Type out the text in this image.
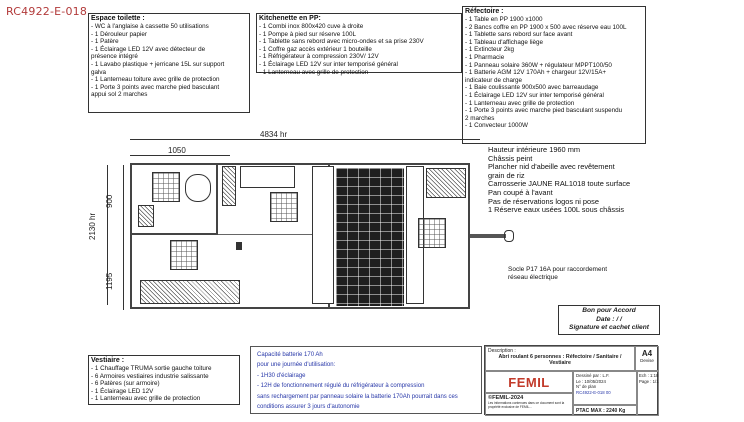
RC4922-E-018
Espace toilette :
- WC à l'anglaise à cassette 50 utilisations
- 1 Dérouleur papier
- 1 Patère
- 1 Éclairage LED 12V avec détecteur de
présence intégré
- 1 Lavabo plastique + jerricane 15L sur support
galva
- 1 Lanterneau toiture avec grille de protection
- 1 Porte 3 points avec marche pied basculant
appui sol 2 marches
Kitchenette en PP:
- 1 Combi inox 800x420 cuve à droite
- 1 Pompe à pied sur réserve 100L
- 1 Tablette sans rebord avec micro-ondes et sa prise 230V
- 1 Coffre gaz accès extérieur 1 bouteille
- 1 Réfrigérateur à compression 230V/ 12V
- 1 Éclairage LED 12V sur inter temporisé général
- 1 Lanterneau avec grille de protection
Réfectoire :
- 1 Table en PP 1900 x1000
- 2 Bancs coffre en PP 1900 x 500 avec réserve eau 100L
- 1 Tablette sans rebord sur face avant
- 1 Tableau d'affichage liège
- 1 Extincteur 2kg
- 1 Pharmacie
- 1 Panneau solaire 360W + régulateur MPPT100/50
- 1 Batterie AGM 12V 170Ah + chargeur 12V/15A+
indicateur de charge
- 1 Baie coulissante 900x500 avec barreaudage
- 1 Éclairage LED 12V sur inter temporisé général
- 1 Lanterneau avec grille de protection
- 1 Porte 3 points avec marche pied basculant suspendu
2 marches
- 1 Convecteur 1000W
4834 hr
1050
2130 hr
900
1195
Hauteur intérieure 1960 mm
Châssis peint
Plancher nid d'abeille avec revêtement
grain de riz
Carrosserie JAUNE RAL1018 toute surface
Pan coupé à l'avant
Pas de réservations logos ni pose
1 Réserve eaux usées 100L sous châssis
Socle P17 16A pour raccordement
réseau électrique
Bon pour Accord
Date : / /
Signature et cachet client
Vestiaire :
- 1 Chauffage TRUMA sortie gauche toiture
- 6 Armoires vestiaires industrie salissante
- 6 Patères (sur armoire)
- 1 Éclairage LED 12V
- 1 Lanterneau avec grille de protection
Capacité batterie 170 Ah
pour une journée d'utilisation:
- 1H30 d'éclairage
- 12H de fonctionnement régulé du réfrigérateur à compression
sans rechargement par panneau solaire la batterie 170Ah pourrait dans ces
conditions assurer 3 jours d'autonomie
Description :
Abri roulant 6 personnes : Réfectoire / Sanitaire / Vestiaire
A4
Devise
FEMIL	Dessiné par : L.F.
Le : 10/05/2024
N° de plan
RC4922-E-018 00
Ech : 1:18
Page : 1/1
PTAC MAX : 2240 Kg
©FEMIL-2024
Les informations contenues dans ce document sont la propriété exclusive de FEMIL...
